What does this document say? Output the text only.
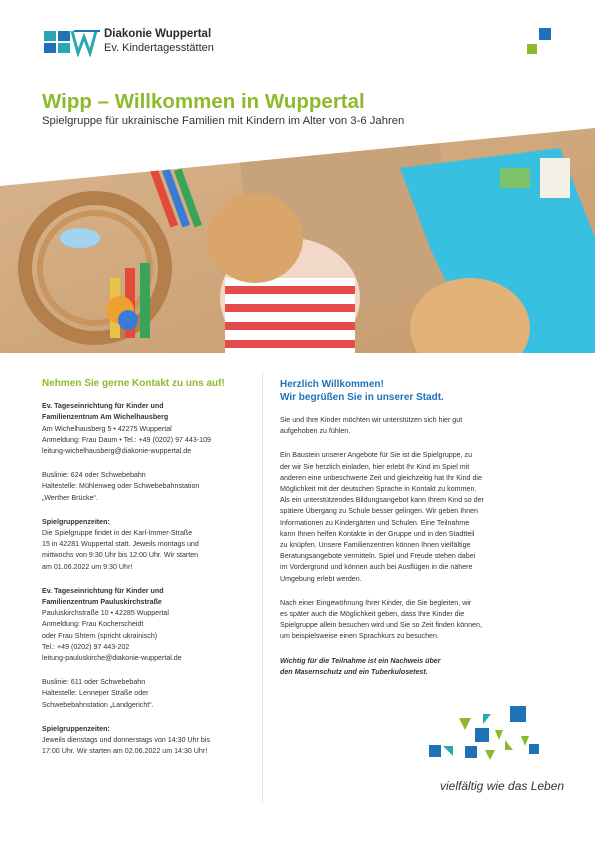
Diakonie Wuppertal
Ev. Kindertagesstätten
Wipp – Willkommen in Wuppertal
Spielgruppe für ukrainische Familien mit Kindern im Alter von 3-6 Jahren
Nehmen Sie gerne Kontakt zu uns auf!
Ev. Tageseinrichtung für Kinder und
Familienzentrum Am Wichelhausberg
Am Wichelhausberg 5 • 42275 Wuppertal
Anmeldung: Frau Daum • Tel.: +49 (0202) 97 443-109
leitung-wichelhausberg@diakonie-wuppertal.de
Buslinie: 624 oder Schwebebahn
Haltestelle: Mühlenweg oder Schwebebahnstation
„Werther Brücke“.
Spielgruppenzeiten:
Die Spielgruppe findet in der Karl-Immer-Straße
15 in 42281 Wuppertal statt. Jeweils montags und
mittwochs von 9:30 Uhr bis 12:00 Uhr. Wir starten
am 01.06.2022 um 9:30 Uhr!
Ev. Tageseinrichtung für Kinder und
Familienzentrum Pauluskirchstraße
Pauluskirchstraße 10 • 42285 Wuppertal
Anmeldung: Frau Kocherscheidt
oder Frau Shtern (spricht ukrainisch)
Tel.: +49 (0202) 97 443-202
leitung-pauluskirche@diakonie-wuppertal.de
Buslinie: 611 oder Schwebebahn
Haltestelle: Lenneper Straße oder
Schwebebahnstation „Landgericht“.
Spielgruppenzeiten:
Jeweils dienstags und donnerstags von 14:30 Uhr bis
17:00 Uhr. Wir starten am 02.06.2022 um 14:30 Uhr!
Herzlich Willkommen!
Wir begrüßen Sie in unserer Stadt.
Sie und Ihre Kinder möchten wir unterstützen sich hier gut
aufgehoben zu fühlen.
Ein Baustein unserer Angebote für Sie ist die Spielgruppe, zu
der wir Sie herzlich einladen, hier erlebt Ihr Kind im Spiel mit
anderen eine unbeschwerte Zeit und gleichzeitig hat Ihr Kind die
Möglichkeit mit der deutschen Sprache in Kontakt zu kommen.
Als ein unterstützendes Bildungsangebot kann Ihrem Kind so der
spätere Übergang zu Schule besser gelingen. Wir geben Ihnen
Informationen zu Kindergärten und Schulen. Eine Teilnahme
kann Ihnen helfen Kontakte in der Gruppe und in den Stadtteil
zu knüpfen. Unsere Familienzentren können Ihnen vielfältige
Beratungsangebote vermitteln. Spiel und Freude stehen dabei
im Vordergrund und können auch bei Ausflügen in die nähere
Umgebung erlebt werden.
Nach einer Eingewöhnung Ihrer Kinder, die Sie begleiten, wir
es später auch die Möglichkeit geben, dass Ihre Kinder die
Spielgruppe allein besuchen wird und Sie so Zeit finden können,
um beispielsweise einen Sprachkurs zu besuchen.
Wichtig für die Teilnahme ist ein Nachweis über
den Masernschutz und ein Tuberkulosetest.
vielfältig wie das Leben
